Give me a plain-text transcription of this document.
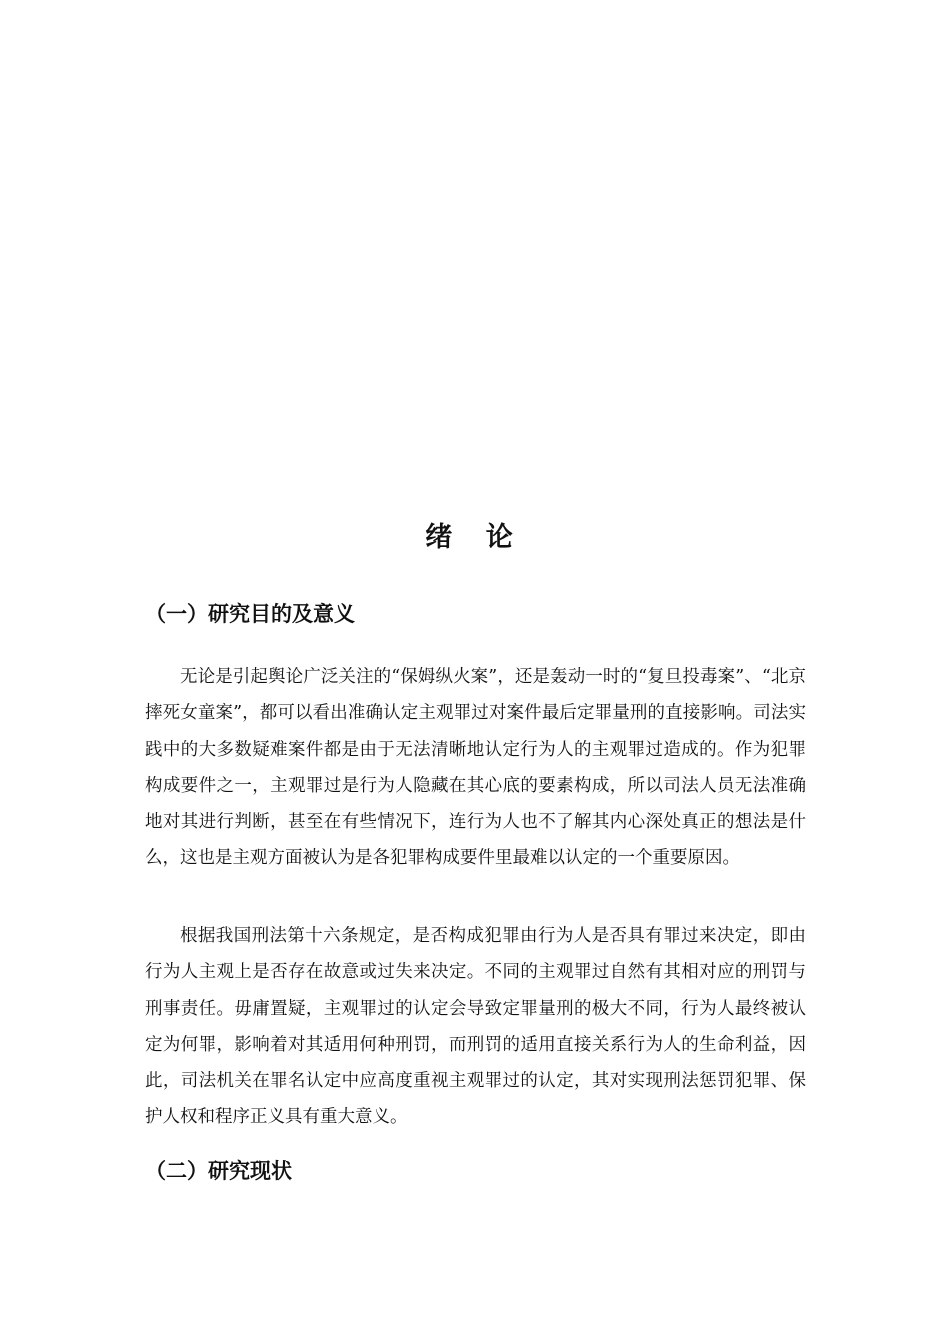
绪 论
（一）研究目的及意义

无论是引起舆论广泛关注的“保姆纵火案”，还是轰动一时的“复旦投毒案”、“北京摔死女童案”，都可以看出准确认定主观罪过对案件最后定罪量刑的直接影响。司法实践中的大多数疑难案件都是由于无法清晰地认定行为人的主观罪过造成的。作为犯罪构成要件之一，主观罪过是行为人隐藏在其心底的要素构成，所以司法人员无法准确地对其进行判断，甚至在有些情况下，连行为人也不了解其内心深处真正的想法是什么，这也是主观方面被认为是各犯罪构成要件里最难以认定的一个重要原因。

根据我国刑法第十六条规定，是否构成犯罪由行为人是否具有罪过来决定，即由行为人主观上是否存在故意或过失来决定。不同的主观罪过自然有其相对应的刑罚与刑事责任。毋庸置疑，主观罪过的认定会导致定罪量刑的极大不同，行为人最终被认定为何罪，影响着对其适用何种刑罚，而刑罚的适用直接关系行为人的生命利益，因此，司法机关在罪名认定中应高度重视主观罪过的认定，其对实现刑法惩罚犯罪、保护人权和程序正义具有重大意义。

（二）研究现状
